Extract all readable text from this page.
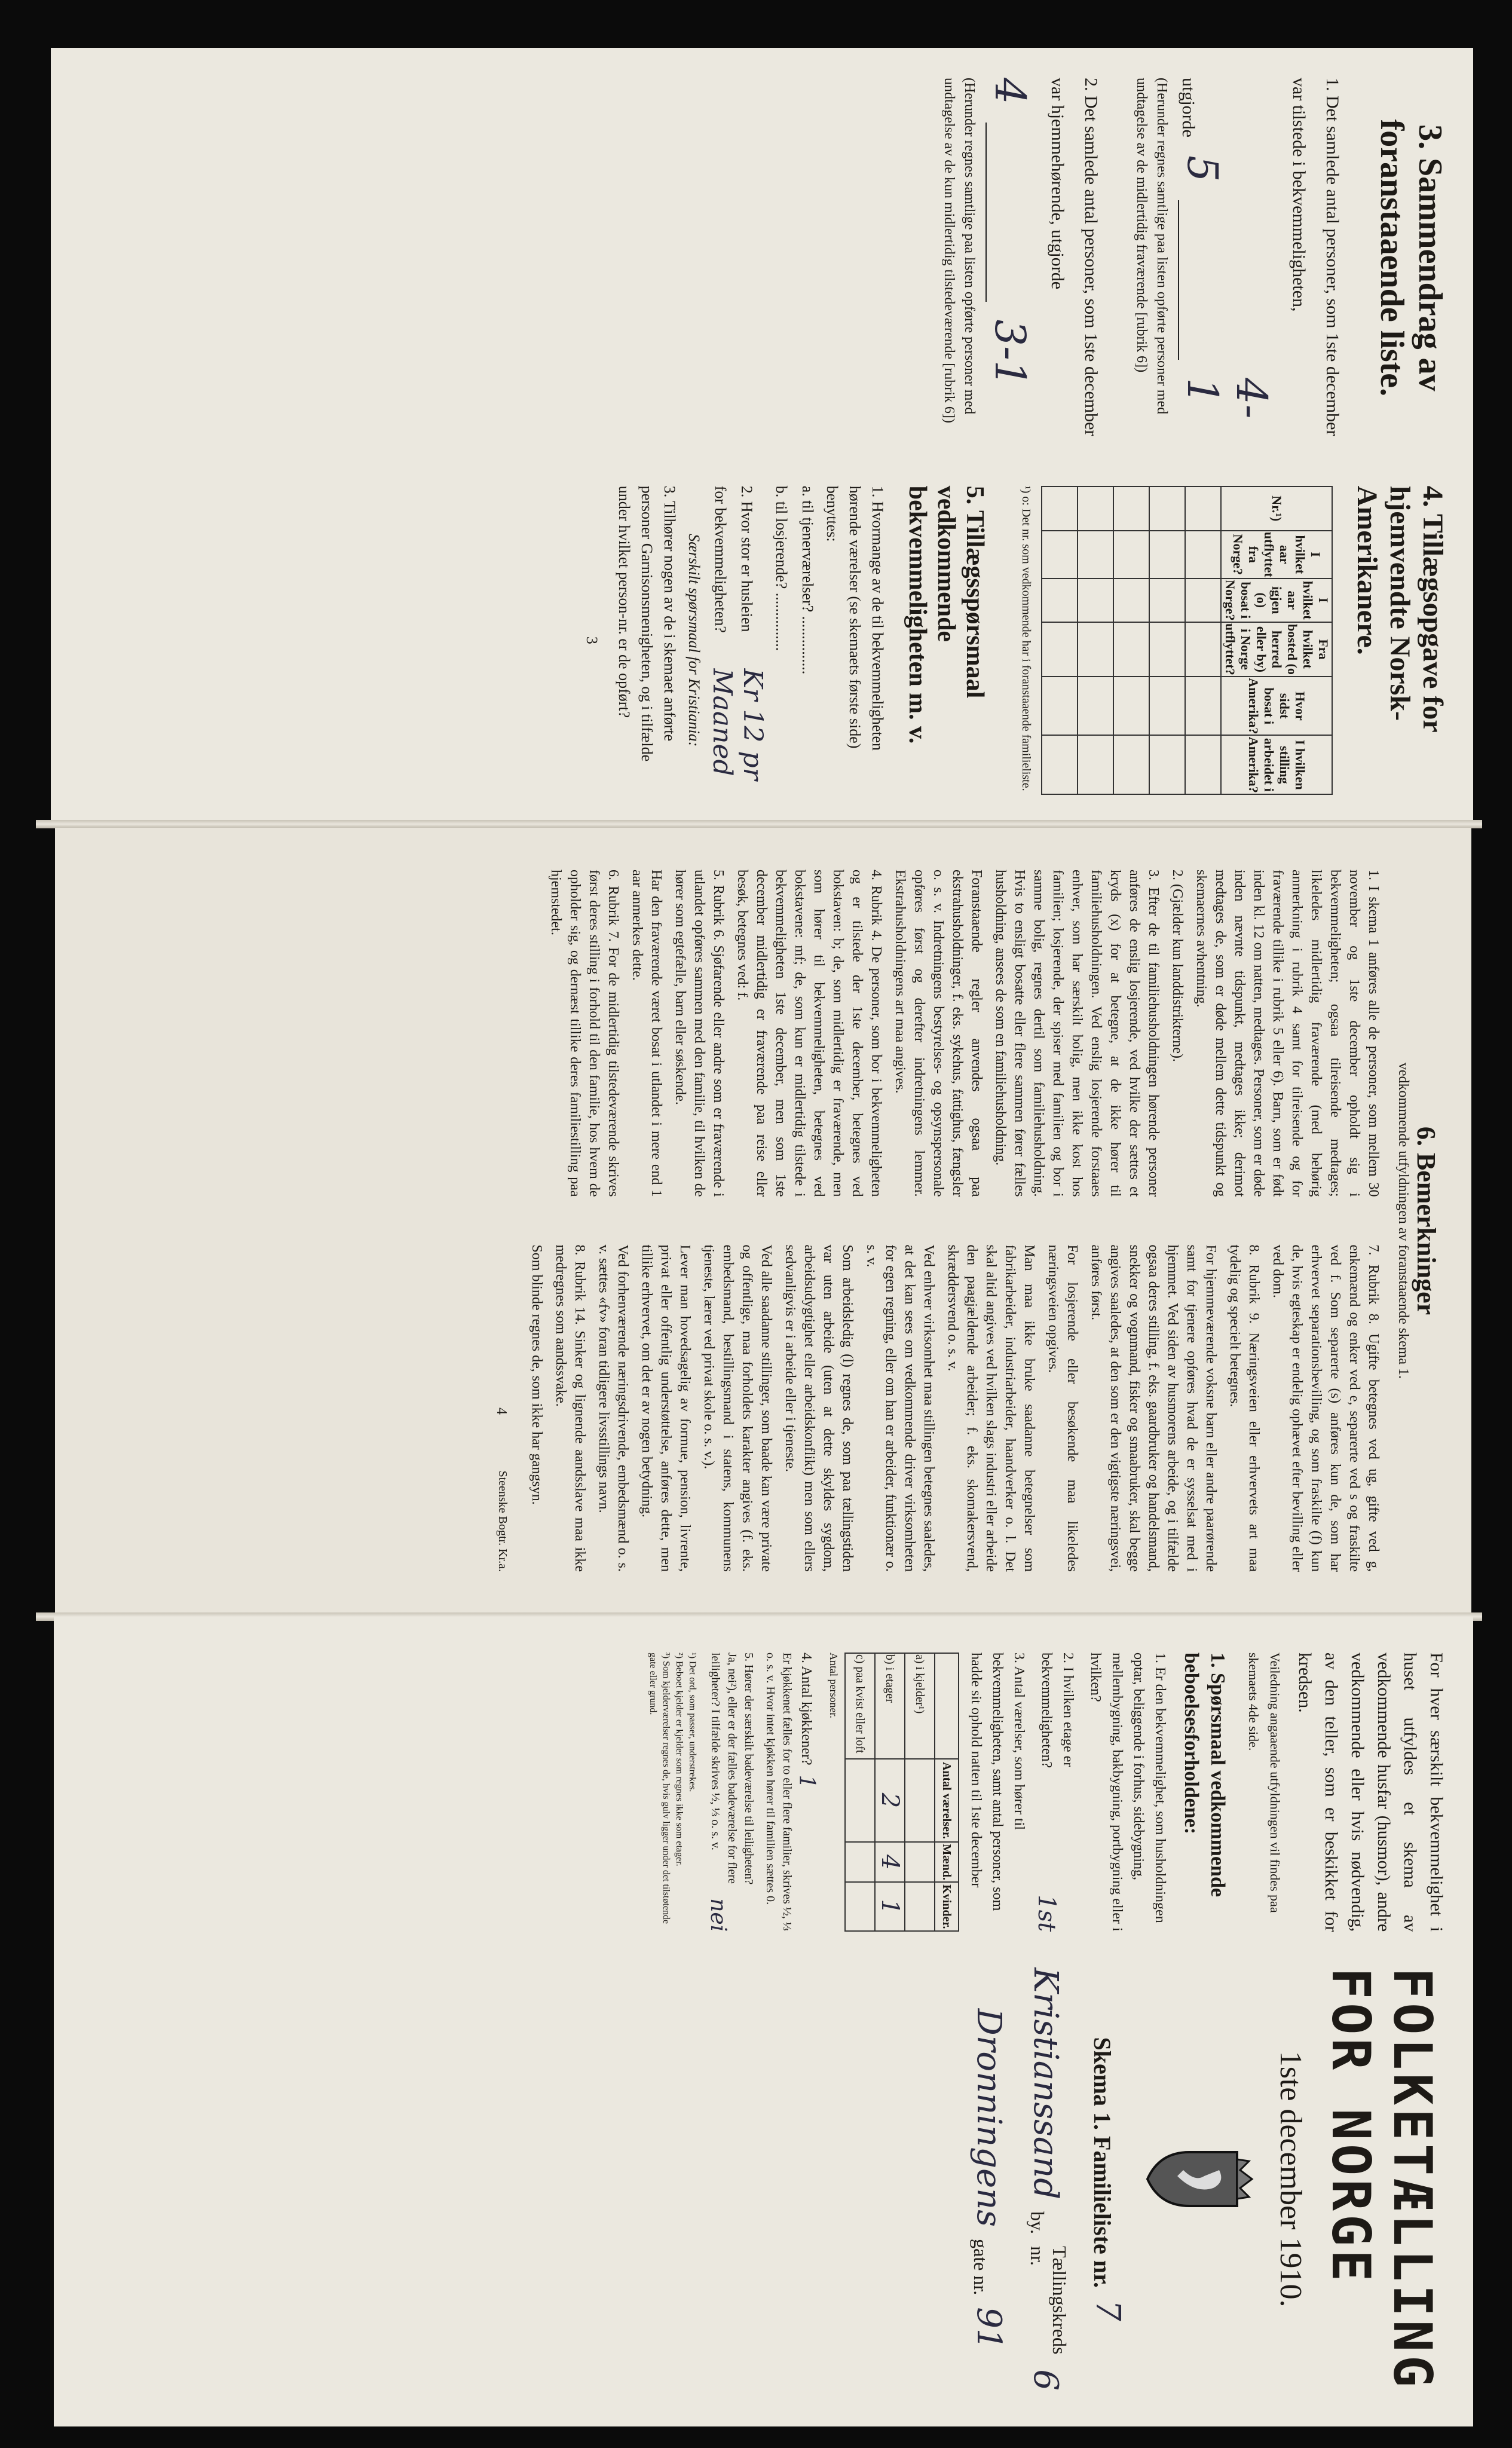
3. Sammendrag av foranstaaende liste.

1. Det samlede antal personer, som 1ste december var tilstede i bekvemmeligheten,

utgjorde
5
4-1

(Herunder regnes samtlige paa listen opførte personer med undtagelse av de midlertidig fraværende [rubrik 6])

2. Det samlede antal personer, som 1ste december var hjemmehørende, utgjorde

4
3-1

(Herunder regnes samtlige paa listen opførte personer med undtagelse av de kun midlertidig tilstedeværende [rubrik 6])

4. Tillægsopgave for hjemvendte Norsk-Amerikanere.

Nr.¹)	I hvilket aar utflyttet fra Norge?	I hvilket aar igjen (o) bosat i Norge?	Fra hvilket bosted (o herred eller by) i Norge utflyttet?	Hvor sidst bosat i Amerika?	I hvilken stilling arbeidet i Amerika?

¹) o: Det nr. som vedkommende har i foranstaaende familieliste.

5. Tillægsspørsmaal vedkommende bekvemmeligheten m. v.

1. Hvormange av de til bekvemmeligheten hørende værelser (se skemaets første side) benyttes:

a. til tjenerværelser? ...............

b. til losjerende? ...............

2. Hvor stor er husleien for bekvemmeligheten?

Kr 12 pr Maaned

Særskilt spørsmaal for Kristiania:

3. Tilhører nogen av de i skemaet anførte personer Garnisonsmenigheten, og i tilfælde under hvilket person-nr. er de opført?

3

6. Bemerkninger

vedkommende utfyldningen av foranstaaende skema 1.

1. I skema 1 anføres alle de personer, som mellem 30 november og 1ste december opholdt sig i bekvemmeligheten; ogsaa tilreisende medtages; likeledes midlertidig fraværende (med behørig anmerkning i rubrik 4 samt for tilreisende og for fraværende tillike i rubrik 5 eller 6). Barn, som er født inden kl. 12 om natten, medtages. Personer, som er døde inden nævnte tidspunkt, medtages ikke; derimot medtages de, som er døde mellem dette tidspunkt og skemaernes avhentning.

2. (Gjælder kun landdistrikterne).

3. Efter de til familiehusholdningen hørende personer anføres de enslig losjerende, ved hvilke der sættes et kryds (x) for at betegne, at de ikke hører til familiehusholdningen. Ved enslig losjerende forstaaes enhver, som har særskilt bolig, men ikke kost hos familien; losjerende, der spiser med familien og bor i samme bolig, regnes dertil som familiehusholdning. Hvis to ensligt bosatte eller flere sammen fører fælles husholdning, ansees de som en familiehusholdning.

Foranstaaende regler anvendes ogsaa paa ekstrahusholdninger, f. eks. sykehus, fattighus, fængsler o. s. v. Indretningens bestyrelses- og opsynspersonale opføres først og derefter indretningens lemmer. Ekstrahusholdningens art maa angives.

4. Rubrik 4. De personer, som bor i bekvemmeligheten og er tilstede der 1ste december, betegnes ved bokstaven: b; de, som midlertidig er fraværende, men som hører til bekvemmeligheten, betegnes ved bokstavene: mf; de, som kun er midlertidig tilstede i bekvemmeligheten 1ste december, men som 1ste december midlertidig er fraværende paa reise eller besøk, betegnes ved: f.

5. Rubrik 6. Sjøfarende eller andre som er fraværende i utlandet opføres sammen med den familie, til hvilken de hører som egtefælle, barn eller søskende.

Har den fraværende været bosat i utlandet i mere end 1 aar anmerkes dette.

6. Rubrik 7. For de midlertidig tilstedeværende skrives først deres stilling i forhold til den familie, hos hvem de opholder sig, og dernæst tillike deres familiestilling paa hjemstedet.

7. Rubrik 8. Ugifte betegnes ved ug, gifte ved g, enkemænd og enker ved e, separerte ved s og fraskilte ved f. Som separerte (s) anføres kun de, som har erhvervet separationsbevilling, og som fraskilte (f) kun de, hvis egteskap er endelig ophævet efter bevilling eller ved dom.

8. Rubrik 9. Næringsveien eller erhvervets art maa tydelig og specielt betegnes.

For hjemmeværende voksne barn eller andre paarørende samt for tjenere opføres hvad de er sysselsat med i hjemmet. Ved siden av husmorens arbeide, og i tilfælde ogsaa deres stilling, f. eks. gaardbruker og handelsmand, snekker og vognmand, fisker og smaabruker, skal begge angives saaledes, at den som er den vigtigste næringsvei, anføres først.

For losjerende eller besøkende maa likeledes næringsveien opgives.

Man maa ikke bruke saadanne betegnelser som fabrikarbeider, industriarbeider, haandverker o. l. Det skal altid angives ved hvilken slags industri eller arbeide den paagjældende arbeider; f. eks. skomakersvend, skræddersvend o. s. v.

Ved enhver virksomhet maa stillingen betegnes saaledes, at det kan sees om vedkommende driver virksomheten for egen regning, eller om han er arbeider, funktionær o. s. v.

Som arbeidsledig (l) regnes de, som paa tællingstiden var uten arbeide (uten at dette skyldes sygdom, arbeidsudygtighet eller arbeidskonflikt) men som ellers sedvanligvis er i arbeide eller i tjeneste.

Ved alle saadanne stillinger, som baade kan være private og offentlige, maa forholdets karakter angives (f. eks. embedsmand, bestillingsmand i statens, kommunens tjeneste, lærer ved privat skole o. s. v.).

Lever man hovedsagelig av formue, pension, livrente, privat eller offentlig understøttelse, anføres dette, men tillike erhvervet, om det er av nogen betydning.

Ved forhenværende næringsdrivende, embedsmænd o. s. v. sættes «fv» foran tidligere livsstillings navn.

8. Rubrik 14. Sinker og lignende aandsslave maa ikke medregnes som aandssvake.

Som blinde regnes de, som ikke har gangsyn.

4

Steenske Bogtr. Kr.a.

For hver særskilt bekvemmelighet i huset utfyldes et skema av vedkommende husfar (husmor), andre vedkommende eller hvis nødvendig, av den teller, som er beskikket for kredsen.

Veiledning angaaende utfyldningen vil findes paa skemaets 4de side.

1. Spørsmaal vedkommende beboelsesforholdene:

1. Er den bekvemmelighet, som husholdningen optar, beliggende i forhus, sidebygning, mellembygning, bakbygning, portbygning eller i hvilken?

2. I hvilken etage er bekvemmeligheten?

1st

3. Antal værelser, som hører til bekvemmeligheten, samt antal personer, som hadde sit ophold natten til 1ste december

	Antal værelser.	Mænd.	Kvinder.
a) i kjelder¹)			
b) i etager	2	4	1
c) paa kvist eller loft			

Antal personer.

4. Antal kjøkkener?

1

Er kjøkkenet fælles for to eller flere familier, skrives ½, ⅓ o. s. v. Hvor intet kjøkken hører til familien sættes 0.

5. Hører der særskilt badeværelse til leiligheten? Ja, nei²), eller er der fælles badeværelse for flere leiligheter? I tilfælde skrives ½, ⅓ o. s. v.

nei

¹) Det ord, som passer, understrekes.

²) Beboet kjelder er kjelder som regnes ikke som etager.

³) Som kjelderværelser regnes de, hvis gulv ligger under det tilstøtende gate eller grund.

FOLKETÆLLING FOR NORGE

1ste december 1910.

Skema 1. Familieliste nr.

7

Kristianssand

by.

Tællingskreds nr.

6

Dronningens

gate nr.

91
